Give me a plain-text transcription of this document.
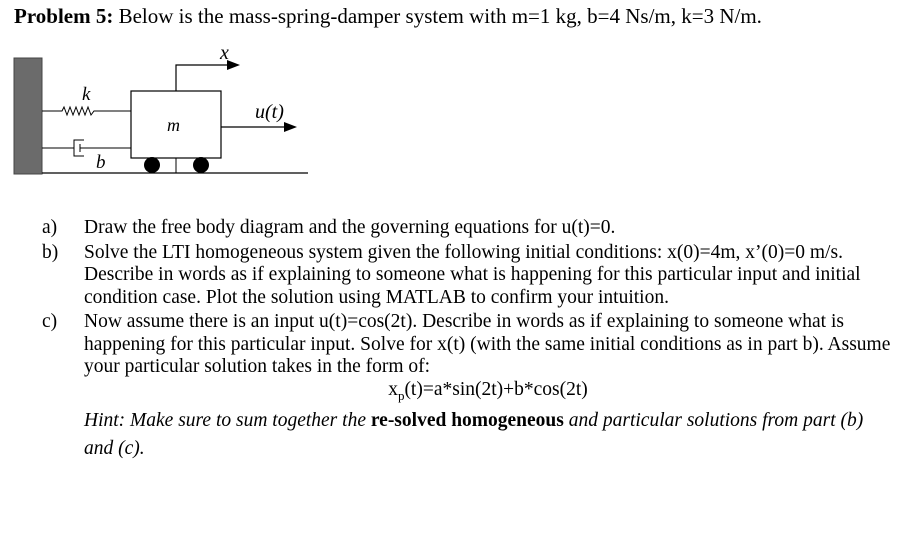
Problem 5: Below is the mass-spring-damper system with m=1 kg, b=4 Ns/m, k=3 N/m.
x
k
b
m
u(t)
a) Draw the free body diagram and the governing equations for u(t)=0.
b) Solve the LTI homogeneous system given the following initial conditions: x(0)=4m, x’(0)=0 m/s. Describe in words as if explaining to someone what is happening for this particular input and initial condition case. Plot the solution using MATLAB to confirm your intuition.
c) Now assume there is an input u(t)=cos(2t). Describe in words as if explaining to someone what is happening for this particular input. Solve for x(t) (with the same initial conditions as in part b). Assume your particular solution takes in the form of:
$x_p(t)=a*\sin(2t)+b*\cos(2t)$
Hint: Make sure to sum together the re-solved homogeneous and particular solutions from part (b) and (c).
